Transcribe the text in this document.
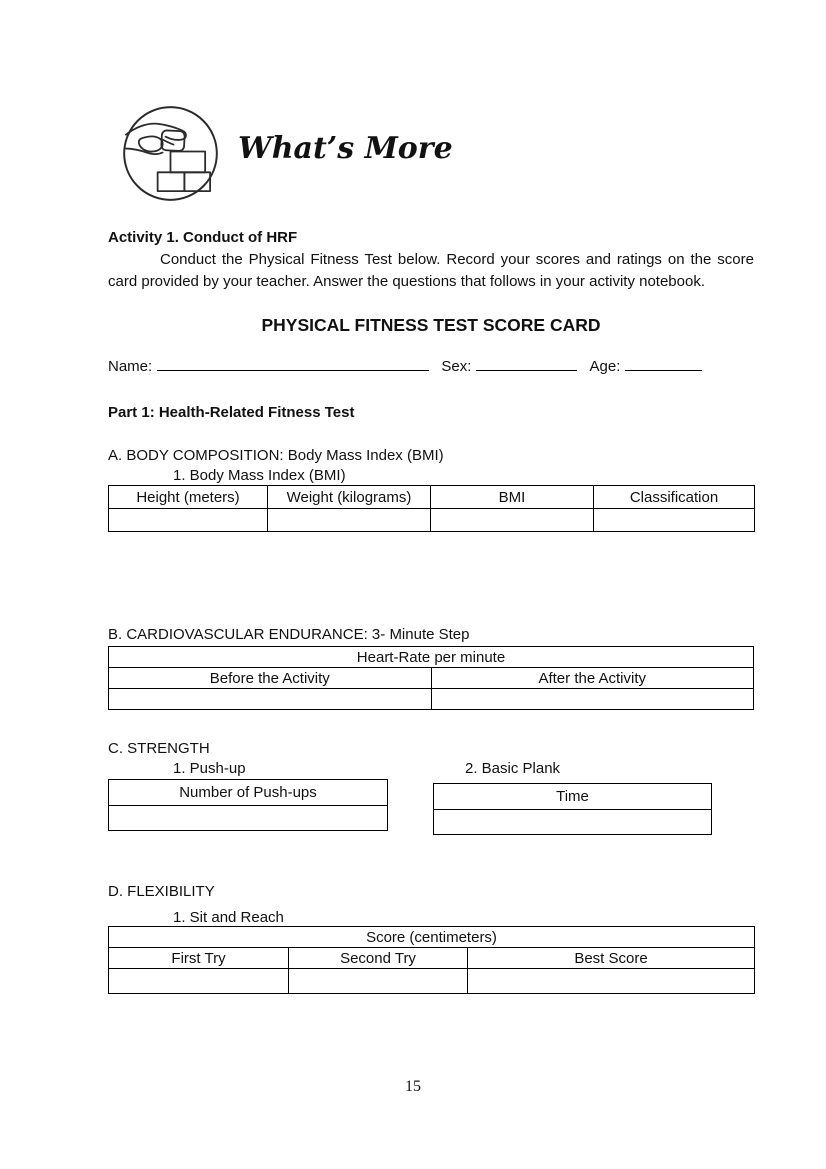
What’s More

Activity 1. Conduct of HRF

Conduct the Physical Fitness Test below. Record your scores and ratings on the score card provided by your teacher. Answer the questions that follows in your activity notebook.

PHYSICAL FITNESS TEST SCORE CARD
Name:	Sex:	Age:

Part 1: Health-Related Fitness Test

A. BODY COMPOSITION: Body Mass Index (BMI)

1. Body Mass Index (BMI)

Height (meters)	Weight (kilograms)	BMI	Classification

B. CARDIOVASCULAR ENDURANCE: 3- Minute Step

Heart-Rate per minute	
Before the Activity	After the Activity

C. STRENGTH

1. Push-up

Number of Push-ups

2. Basic Plank

Time

D. FLEXIBILITY

1. Sit and Reach

Score (centimeters)		
First Try	Second Try	Best Score

15
